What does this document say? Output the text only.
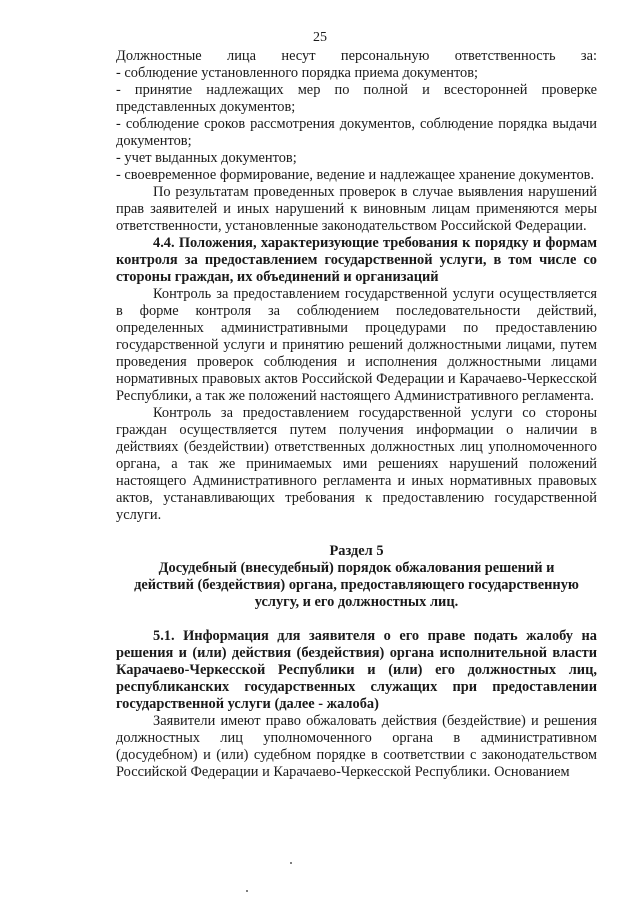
25

Должностные лица несут персональную ответственность за:

- соблюдение установленного порядка приема документов;

- принятие надлежащих мер по полной и всесторонней проверке представленных документов;

- соблюдение сроков рассмотрения документов, соблюдение порядка выдачи документов;

- учет выданных документов;

- своевременное формирование, ведение и надлежащее хранение документов.

По результатам проведенных проверок в случае выявления нарушений прав заявителей и иных нарушений к виновным лицам применяются меры ответственности, установленные законодательством Российской Федерации.

4.4. Положения, характеризующие требования к порядку и формам контроля за предоставлением государственной услуги, в том числе со стороны граждан, их объединений и организаций

Контроль за предоставлением государственной услуги осуществляется в форме контроля за соблюдением последовательности действий, определенных административными процедурами по предоставлению государственной услуги и принятию решений должностными лицами, путем проведения проверок соблюдения и исполнения должностными лицами нормативных правовых актов Российской Федерации и Карачаево-Черкесской Республики, а так же положений настоящего Административного регламента.

Контроль за предоставлением государственной услуги со стороны граждан осуществляется путем получения информации о наличии в действиях (бездействии) ответственных должностных лиц уполномоченного органа, а так же принимаемых ими решениях нарушений положений настоящего Административного регламента и иных нормативных правовых актов, устанавливающих требования к предоставлению государственной услуги.

Раздел 5

Досудебный (внесудебный) порядок обжалования решений и

действий (бездействия) органа, предоставляющего государственную

услугу, и его должностных лиц.

5.1. Информация для заявителя о его праве подать жалобу на решения и (или) действия (бездействия) органа исполнительной власти Карачаево-Черкесской Республики и (или) его должностных лиц, республиканских государственных служащих при предоставлении государственной услуги (далее - жалоба)

Заявители имеют право обжаловать действия (бездействие) и решения должностных лиц уполномоченного органа в административном (досудебном) и (или) судебном порядке в соответствии с законодательством Российской Федерации и Карачаево-Черкесской Республики. Основанием
